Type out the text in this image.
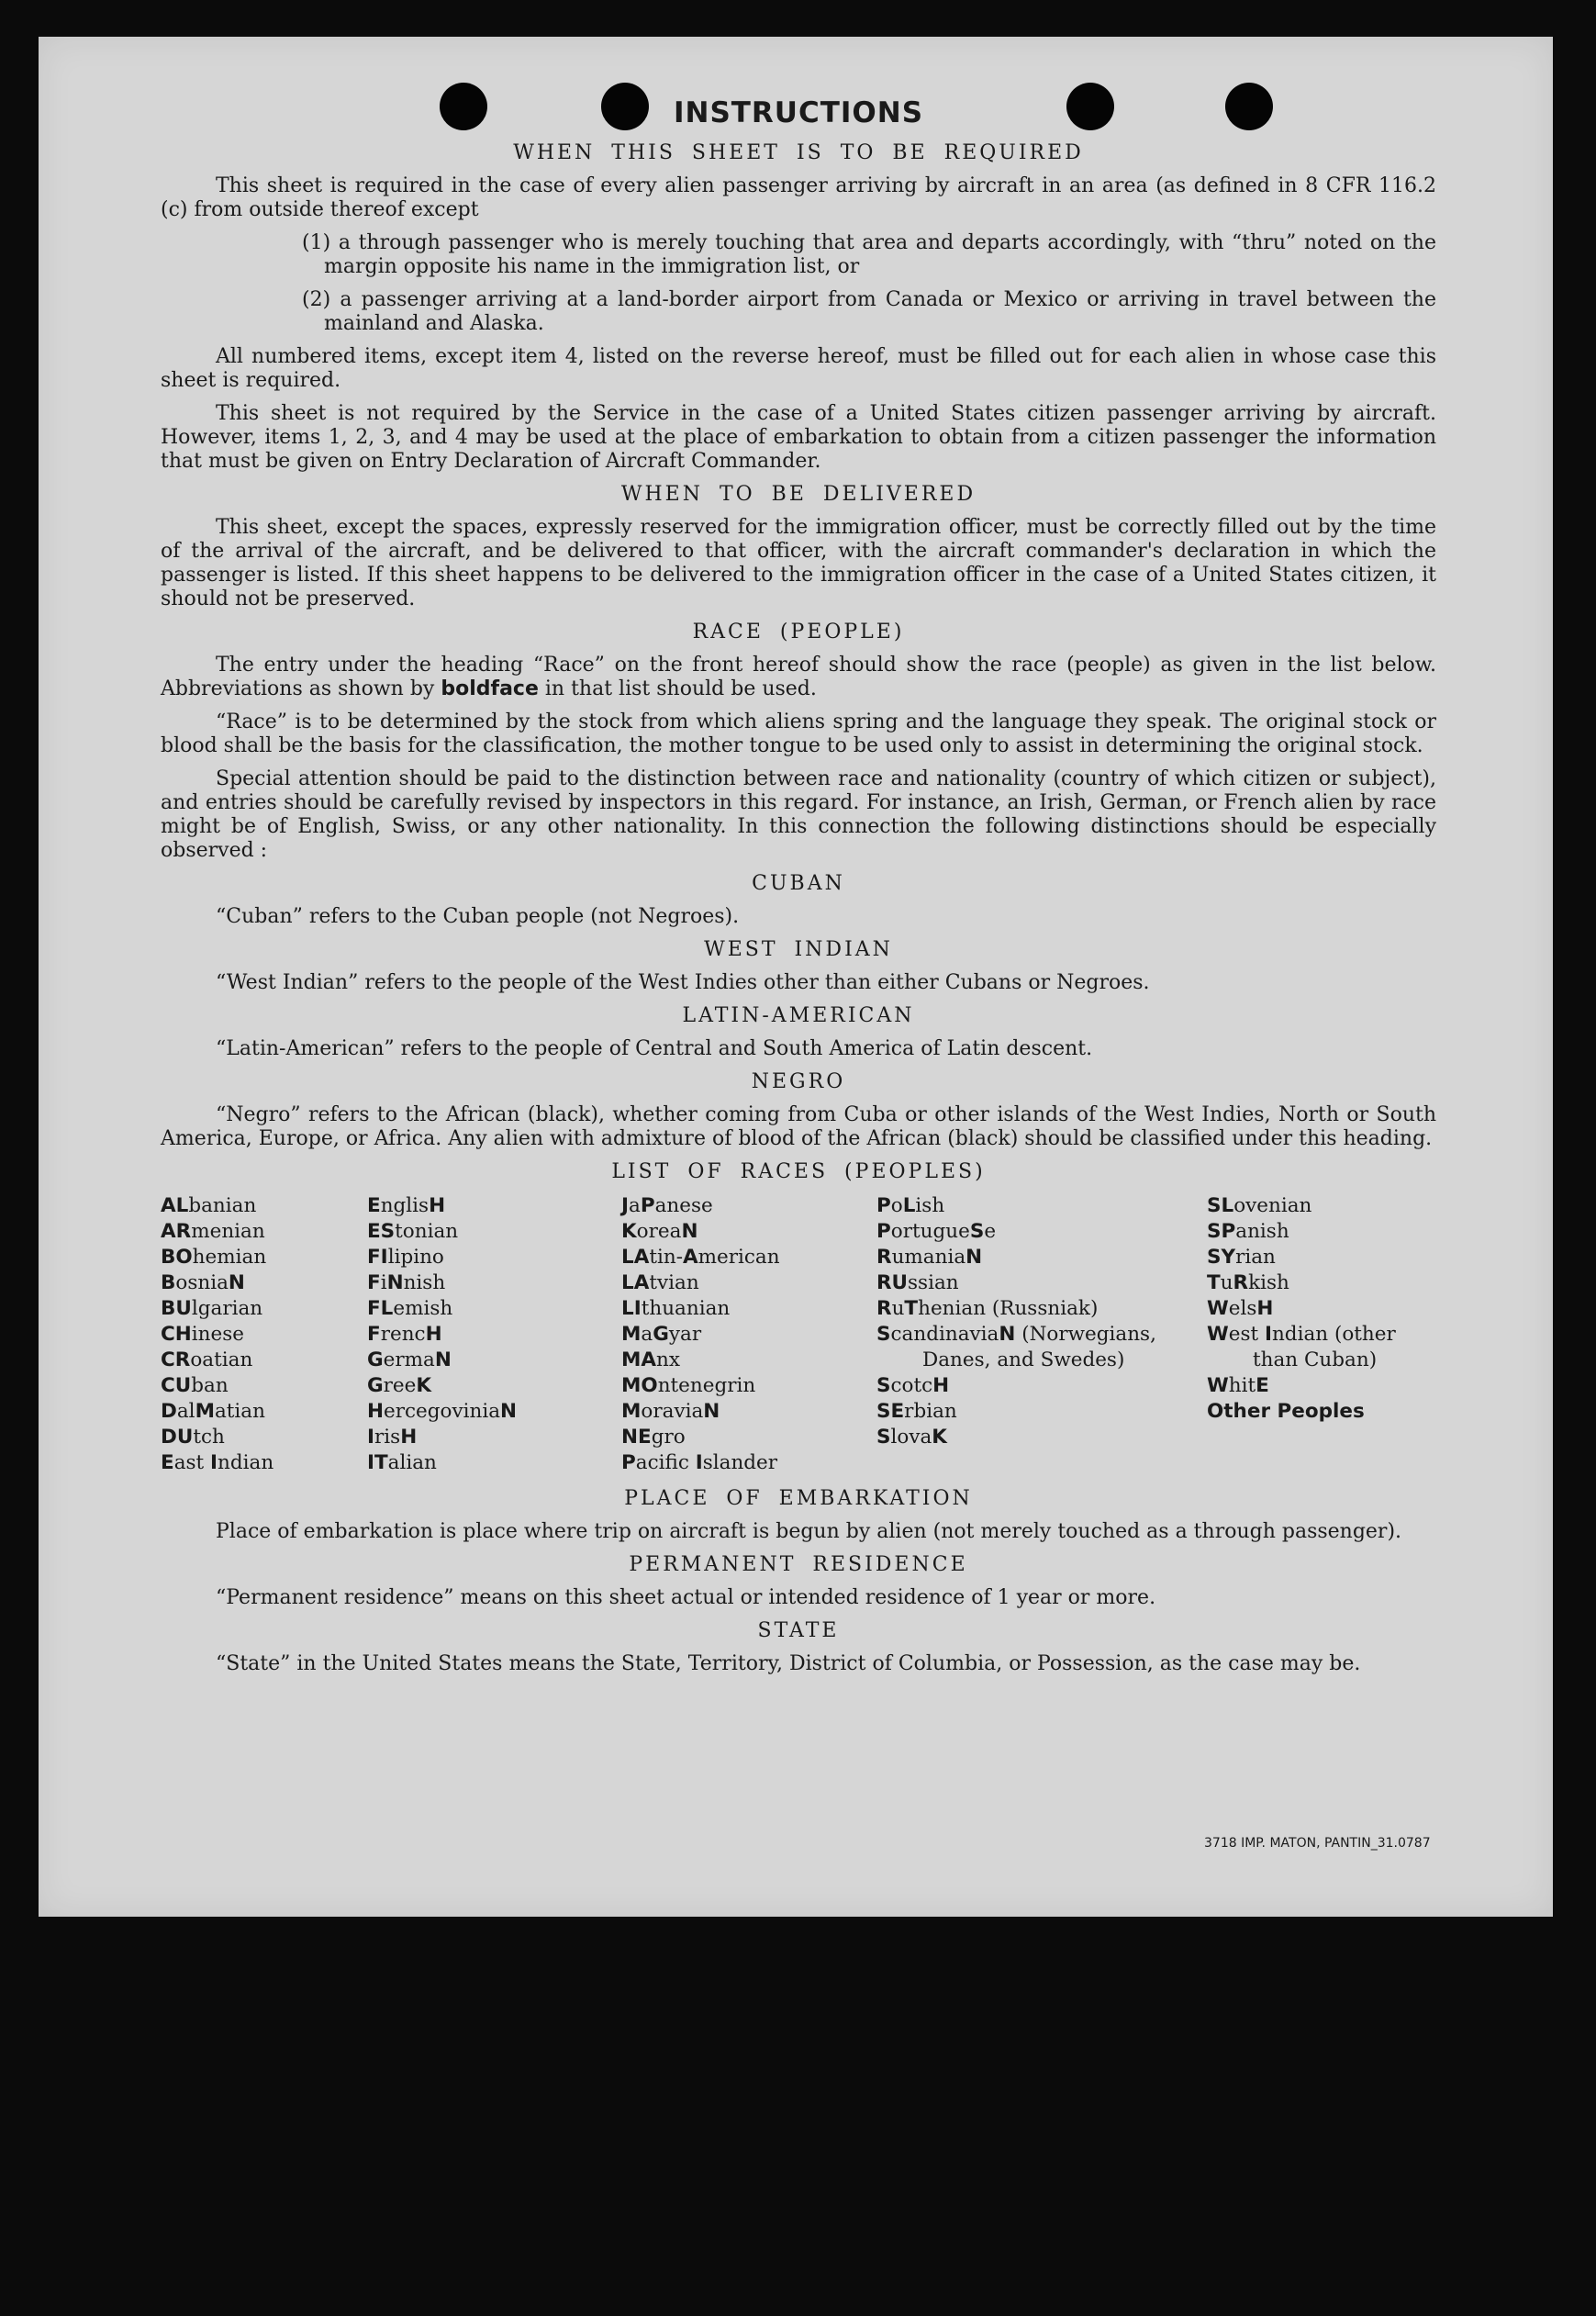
INSTRUCTIONS
WHEN THIS SHEET IS TO BE REQUIRED

This sheet is required in the case of every alien passenger arriving by aircraft in an area (as defined in 8 CFR 116.2 (c) from outside thereof except

(1) a through passenger who is merely touching that area and departs accordingly, with “thru” noted on the margin opposite his name in the immigration list, or
(2) a passenger arriving at a land-border airport from Canada or Mexico or arriving in travel between the mainland and Alaska.

All numbered items, except item 4, listed on the reverse hereof, must be filled out for each alien in whose case this sheet is required.

This sheet is not required by the Service in the case of a United States citizen passenger arriving by aircraft. However, items 1, 2, 3, and 4 may be used at the place of embarkation to obtain from a citizen passenger the information that must be given on Entry Declaration of Aircraft Commander.

WHEN TO BE DELIVERED

This sheet, except the spaces, expressly reserved for the immigration officer, must be correctly filled out by the time of the arrival of the aircraft, and be delivered to that officer, with the aircraft commander's declaration in which the passenger is listed. If this sheet happens to be delivered to the immigration officer in the case of a United States citizen, it should not be preserved.

RACE (PEOPLE)

The entry under the heading “Race” on the front hereof should show the race (people) as given in the list below. Abbreviations as shown by boldface in that list should be used.

“Race” is to be determined by the stock from which aliens spring and the language they speak. The original stock or blood shall be the basis for the classification, the mother tongue to be used only to assist in determining the original stock.

Special attention should be paid to the distinction between race and nationality (country of which citizen or subject), and entries should be carefully revised by inspectors in this regard. For instance, an Irish, German, or French alien by race might be of English, Swiss, or any other nationality. In this connection the following distinctions should be especially observed :

CUBAN

“Cuban” refers to the Cuban people (not Negroes).

WEST INDIAN

“West Indian” refers to the people of the West Indies other than either Cubans or Negroes.

LATIN-AMERICAN

“Latin-American” refers to the people of Central and South America of Latin descent.

NEGRO

“Negro” refers to the African (black), whether coming from Cuba or other islands of the West Indies, North or South America, Europe, or Africa. Any alien with admixture of blood of the African (black) should be classified under this heading.

LIST OF RACES (PEOPLES)
ALbanian
ARmenian
BOhemian
BosniaN
BUlgarian
CHinese
CRoatian
CUban
DalMatian
DUtch
East Indian
EnglisH
EStonian
FIlipino
FiNnish
FLemish
FrencH
GermaN
GreeK
HercegoviniaN
IrisH
ITalian
JaPanese
KoreaN
LAtin-American
LAtvian
LIthuanian
MaGyar
MAnx
MOntenegrin
MoraviaN
NEgro
Pacific Islander
PoLish
PortugueSe
RumaniaN
RUssian
RuThenian (Russniak)
ScandinaviaN (Norwegians, Danes, and Swedes)
ScotcH
SErbian
SlovaK
SLovenian
SPanish
SYrian
TuRkish
WelsH
West Indian (other than Cuban)
WhitE
Other Peoples
PLACE OF EMBARKATION

Place of embarkation is place where trip on aircraft is begun by alien (not merely touched as a through passenger).

PERMANENT RESIDENCE

“Permanent residence” means on this sheet actual or intended residence of 1 year or more.

STATE

“State” in the United States means the State, Territory, District of Columbia, or Possession, as the case may be.

3718 IMP. MATON, PANTIN_31.0787
